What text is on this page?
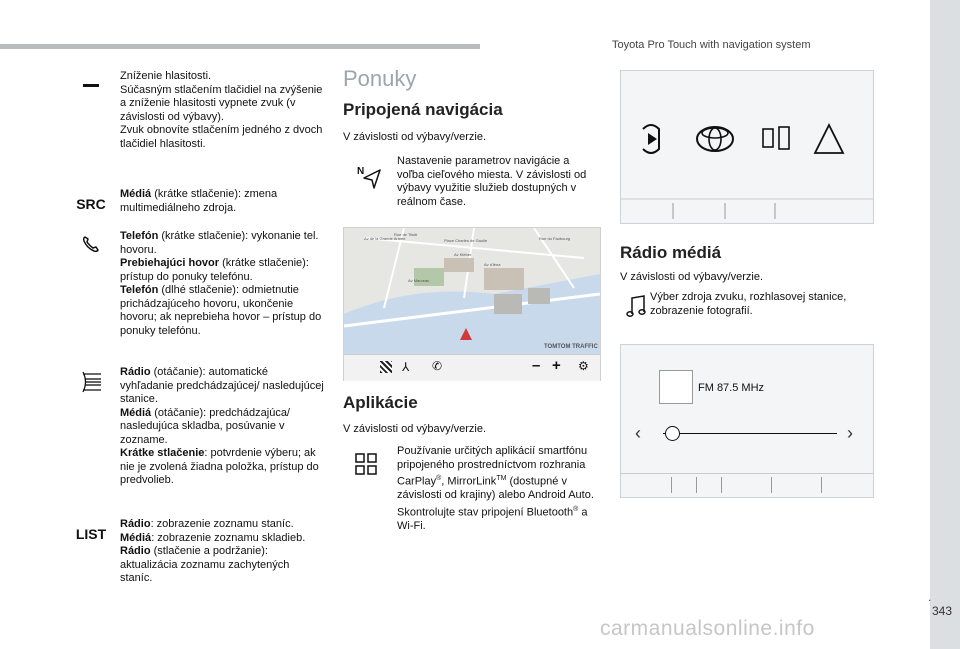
Toyota Pro Touch with navigation system
.
343
carmanualsonline.info
Zníženie hlasitosti.
Súčasným stlačením tlačidiel na zvýšenie a zníženie hlasitosti vypnete zvuk (v závislosti od výbavy).
Zvuk obnovíte stlačením jedného z dvoch tlačidiel hlasitosti.
SRC
Médiá (krátke stlačenie): zmena multimediálneho zdroja.
Telefón (krátke stlačenie): vykonanie tel. hovoru.
Prebiehajúci hovor (krátke stlačenie): prístup do ponuky telefónu.
Telefón (dlhé stlačenie): odmietnutie prichádzajúceho hovoru, ukončenie hovoru; ak neprebieha hovor – prístup do ponuky telefónu.
Rádio (otáčanie): automatické vyhľadanie predchádzajúcej/ nasledujúcej stanice.
Médiá (otáčanie): predchádzajúca/ nasledujúca skladba, posúvanie v zozname.
Krátke stlačenie: potvrdenie výberu; ak nie je zvolená žiadna položka, prístup do predvolieb.
LIST
Rádio: zobrazenie zoznamu staníc.
Médiá: zobrazenie zoznamu skladieb.
Rádio (stlačenie a podržanie): aktualizácia zoznamu zachytených staníc.
Ponuky
Pripojená navigácia
V závislosti od výbavy/verzie.
N
Nastavenie parametrov navigácie a voľba cieľového miesta. V závislosti od výbavy využitie služieb dostupných v reálnom čase.
Av de la Grande Armée
Rue de Tilsitt
Rue du Faubourg
Av Marceau
Av Kléber
Av d'Iéna
Place Charles de Gaulle
TOMTOM TRAFFIC
⅄ ✆	– + ⚙
Aplikácie
V závislosti od výbavy/verzie.
Používanie určitých aplikácií smartfónu pripojeného prostredníctvom rozhrania CarPlay®, MirrorLink™ (dostupné v závislosti od krajiny) alebo Android Auto. Skontrolujte stav pripojení Bluetooth® a Wi-Fi.
Rádio médiá
V závislosti od výbavy/verzie.
Výber zdroja zvuku, rozhlasovej stanice, zobrazenie fotografií.
FM 87.5 MHz
‹	›
